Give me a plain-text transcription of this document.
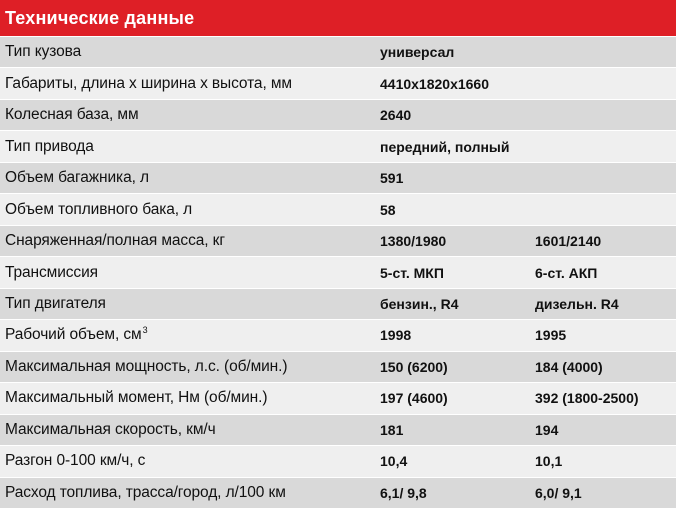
Технические данные
Тип кузова	универсал
Габариты, длина х ширина х высота, мм	4410х1820х1660
Колесная база, мм	2640
Тип привода	передний, полный
Объем багажника, л	591
Объем топливного бака, л	58
Снаряженная/полная масса, кг	1380/1980	1601/2140
Трансмиссия	5-ст. МКП	6-ст. АКП
Тип двигателя	бензин., R4	дизельн. R4
Рабочий объем, $см^3$	1998	1995
Максимальная мощность, л.с. (об/мин.)	150 (6200)	184 (4000)
Максимальный момент, Нм (об/мин.)	197 (4600)	392 (1800-2500)
Максимальная скорость, км/ч	181	194
Разгон 0-100 км/ч, с	10,4	10,1
Расход топлива, трасса/город, л/100 км	6,1/ 9,8	6,0/ 9,1
